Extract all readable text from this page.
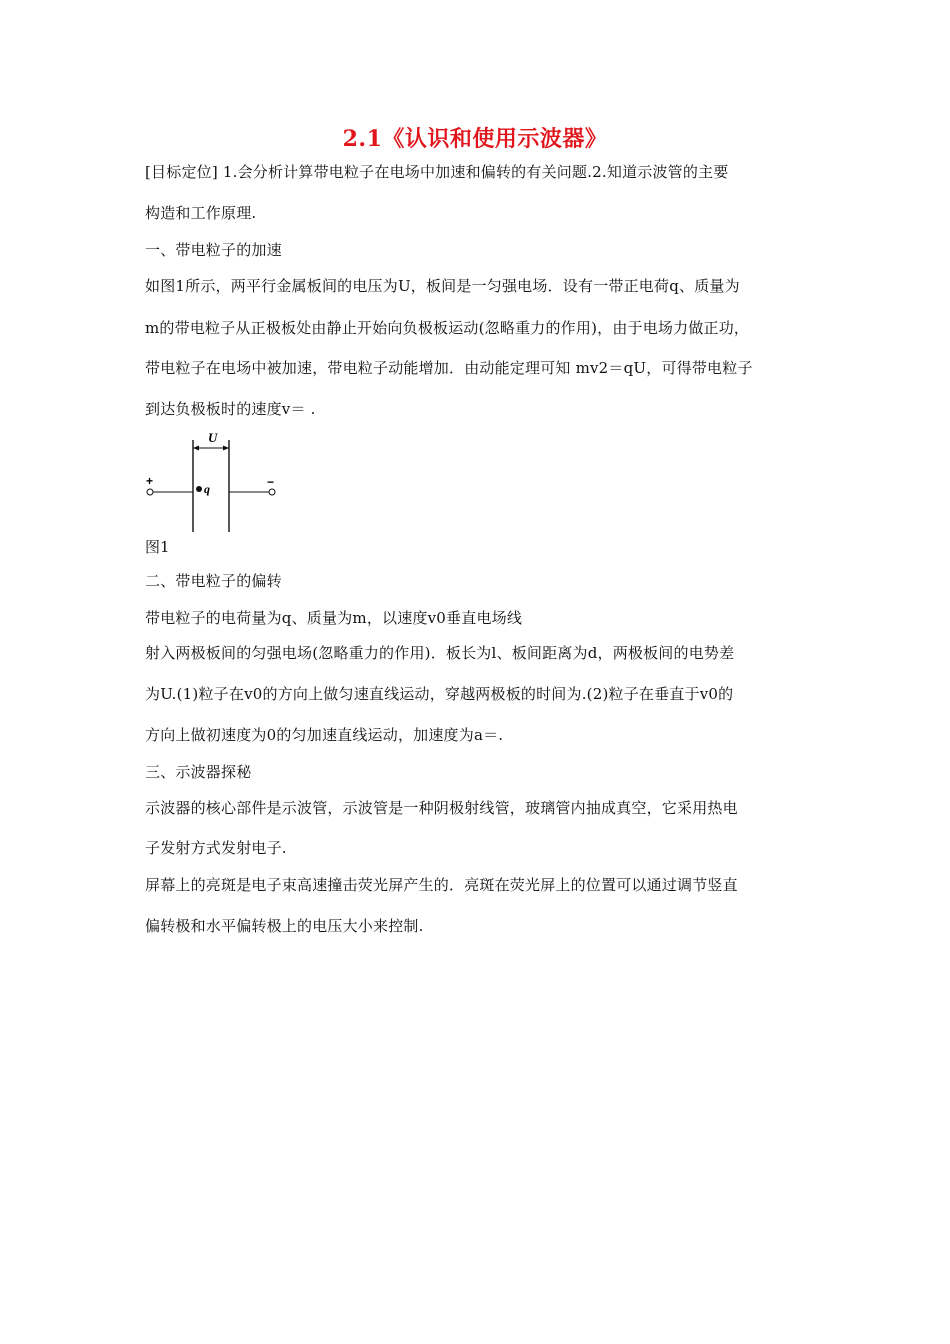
2.1《认识和使用示波器》
[目标定位] 1.会分析计算带电粒子在电场中加速和偏转的有关问题.2.知道示波管的主要
构造和工作原理.
一、带电粒子的加速
如图1所示，两平行金属板间的电压为U，板间是一匀强电场．设有一带正电荷q、质量为
m的带电粒子从正极板处由静止开始向负极板运动(忽略重力的作用)，由于电场力做正功，
带电粒子在电场中被加速，带电粒子动能增加．由动能定理可知 mv2＝qU，可得带电粒子
到达负极板时的速度v＝ .
U
+	−
q
图1
二、带电粒子的偏转
带电粒子的电荷量为q、质量为m，以速度v0垂直电场线
射入两极板间的匀强电场(忽略重力的作用)．板长为l、板间距离为d，两极板间的电势差
为U.(1)粒子在v0的方向上做匀速直线运动，穿越两极板的时间为.(2)粒子在垂直于v0的
方向上做初速度为0的匀加速直线运动，加速度为a＝.
三、示波器探秘
示波器的核心部件是示波管，示波管是一种阴极射线管，玻璃管内抽成真空，它采用热电
子发射方式发射电子.
屏幕上的亮斑是电子束高速撞击荧光屏产生的．亮斑在荧光屏上的位置可以通过调节竖直
偏转极和水平偏转极上的电压大小来控制.
